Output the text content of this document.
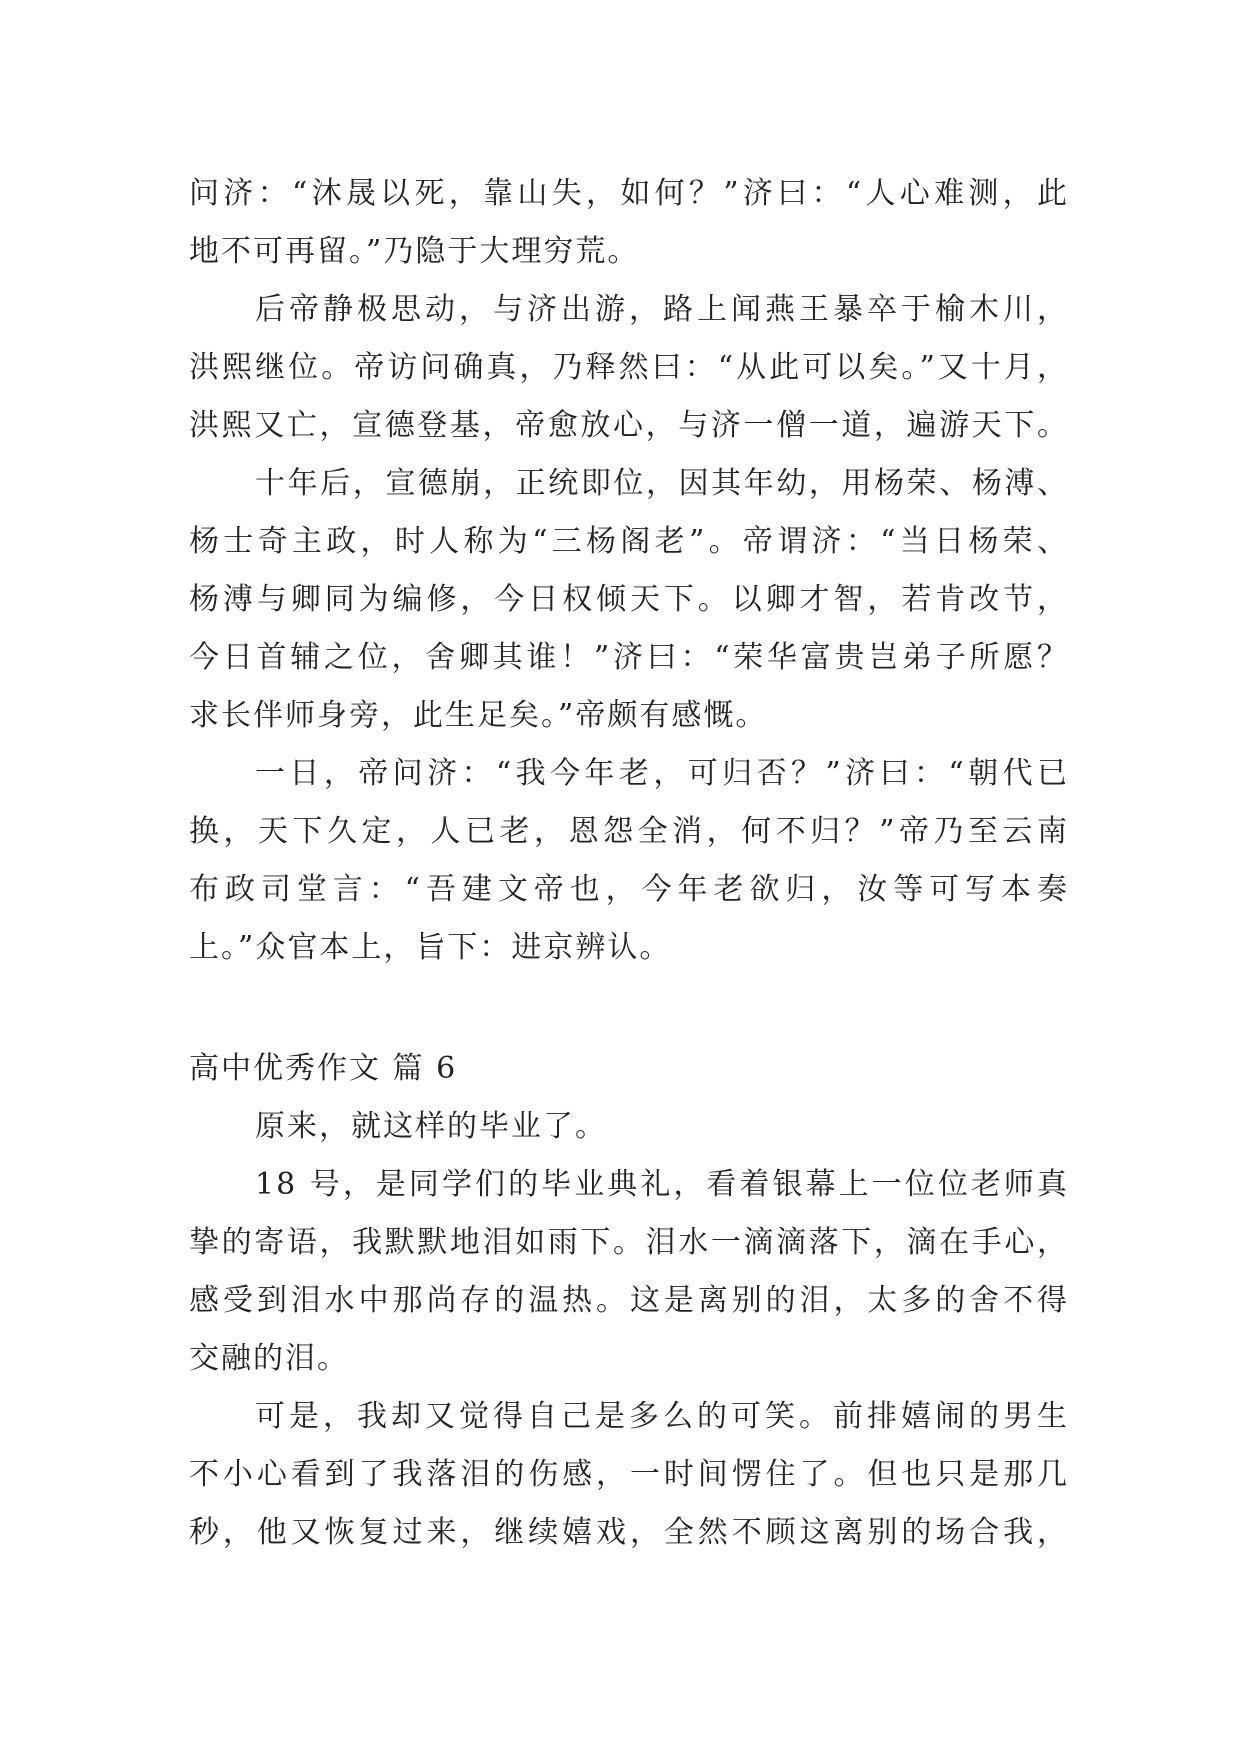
问济：“沐晟以死，靠山失，如何？”济曰：“人心难测，此
地不可再留。”乃隐于大理穷荒。
后帝静极思动，与济出游，路上闻燕王暴卒于榆木川，
洪熙继位。帝访问确真，乃释然曰：“从此可以矣。”又十月，
洪熙又亡，宣德登基，帝愈放心，与济一僧一道，遍游天下。
十年后，宣德崩，正统即位，因其年幼，用杨荣、杨溥、
杨士奇主政，时人称为“三杨阁老”。帝谓济：“当日杨荣、
杨溥与卿同为编修，今日权倾天下。以卿才智，若肯改节，
今日首辅之位，舍卿其谁！”济曰：“荣华富贵岂弟子所愿？
求长伴师身旁，此生足矣。”帝颇有感慨。
一日，帝问济：“我今年老，可归否？”济曰：“朝代已
换，天下久定，人已老，恩怨全消，何不归？”帝乃至云南
布政司堂言：“吾建文帝也，今年老欲归，汝等可写本奏
上。”众官本上，旨下：进京辨认。
高中优秀作文 篇 6
原来，就这样的毕业了。
18 号，是同学们的毕业典礼，看着银幕上一位位老师真
挚的寄语，我默默地泪如雨下。泪水一滴滴落下，滴在手心，
感受到泪水中那尚存的温热。这是离别的泪，太多的舍不得
交融的泪。
可是，我却又觉得自己是多么的可笑。前排嬉闹的男生
不小心看到了我落泪的伤感，一时间愣住了。但也只是那几
秒，他又恢复过来，继续嬉戏，全然不顾这离别的场合我，
